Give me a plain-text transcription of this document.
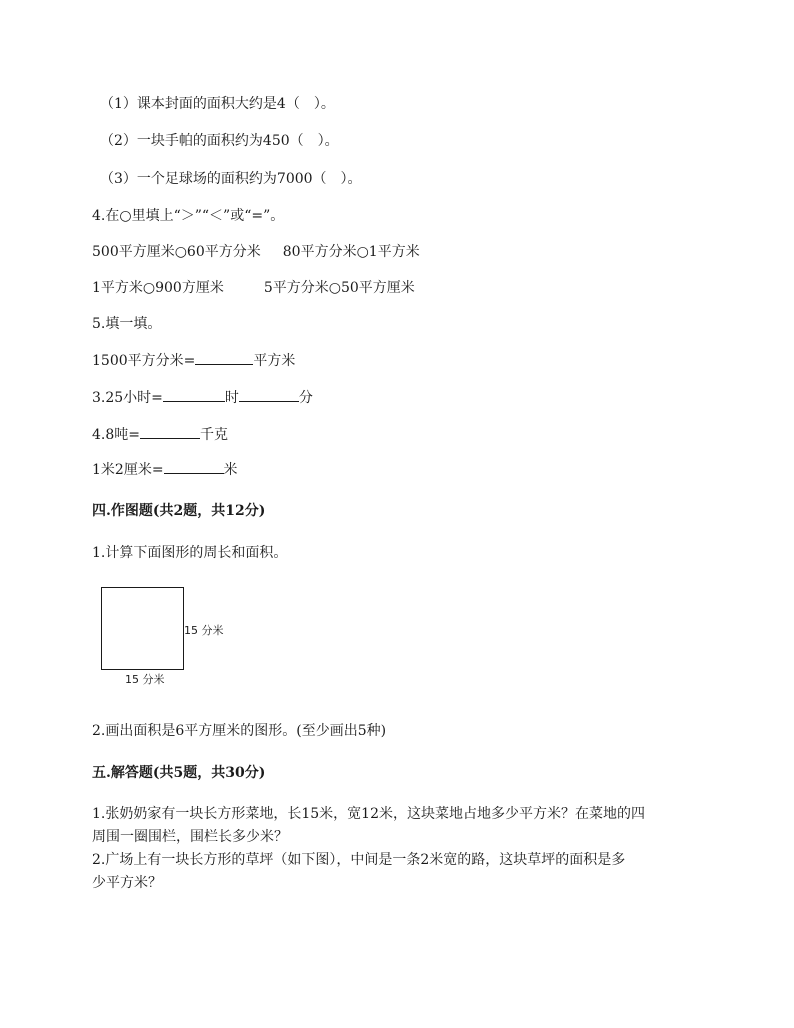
（1）课本封面的面积大约是4（　）。
（2）一块手帕的面积约为450（　）。
（3）一个足球场的面积约为7000（　）。
4.在○里填上“＞”“＜”或“=”。
500平方厘米○60平方分米 80平方分米○1平方米
1平方米○900方厘米	5平方分米○50平方厘米
5.填一填。
1500平方分米=	平方米
3.25小时=	时	分
4.8吨=	千克
1米2厘米=	米
四.作图题(共2题，共12分)
1.计算下面图形的周长和面积。
15 分米
15 分米
2.画出面积是6平方厘米的图形。(至少画出5种)
五.解答题(共5题，共30分)
1.张奶奶家有一块长方形菜地，长15米，宽12米，这块菜地占地多少平方米？在菜地的四
周围一圈围栏，围栏长多少米？
2.广场上有一块长方形的草坪（如下图），中间是一条2米宽的路，这块草坪的面积是多
少平方米？
